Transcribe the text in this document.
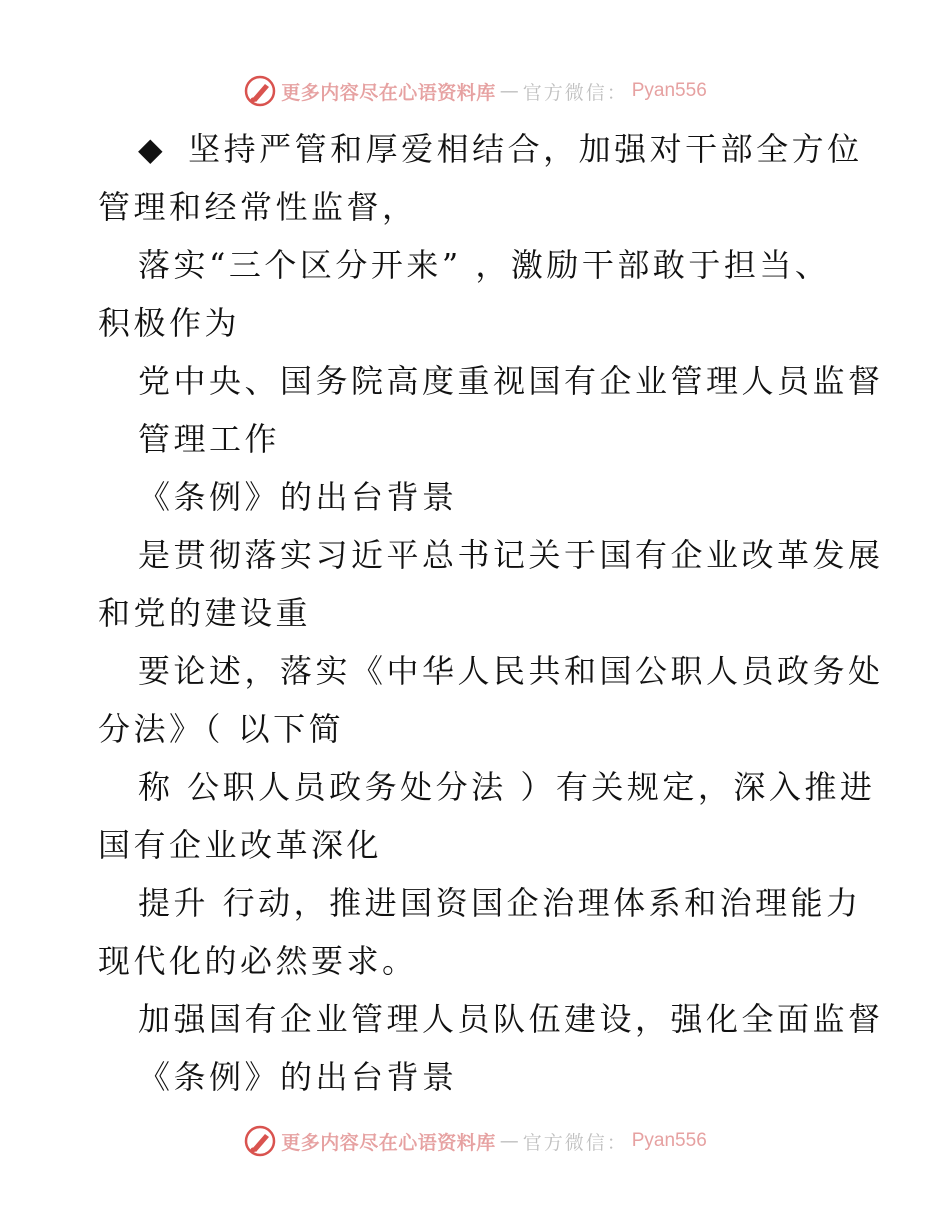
更多内容尽在心语资料库 — 官方微信： Pyan556

◆ 坚持严管和厚爱相结合，加强对干部全方位

管理和经常性监督，

落实“三个区分开来” ，激励干部敢于担当、

积极作为

党中央、国务院高度重视国有企业管理人员监督

管理工作

《条例》的出台背景

是贯彻落实习近平总书记关于国有企业改革发展

和党的建设重

要论述，落实《中华人民共和国公职人员政务处

分法》（ 以下简

称 公职人员政务处分法 ）有关规定，深入推进

国有企业改革深化

提升 行动，推进国资国企治理体系和治理能力

现代化的必然要求。

加强国有企业管理人员队伍建设，强化全面监督

《条例》的出台背景

更多内容尽在心语资料库 — 官方微信： Pyan556
